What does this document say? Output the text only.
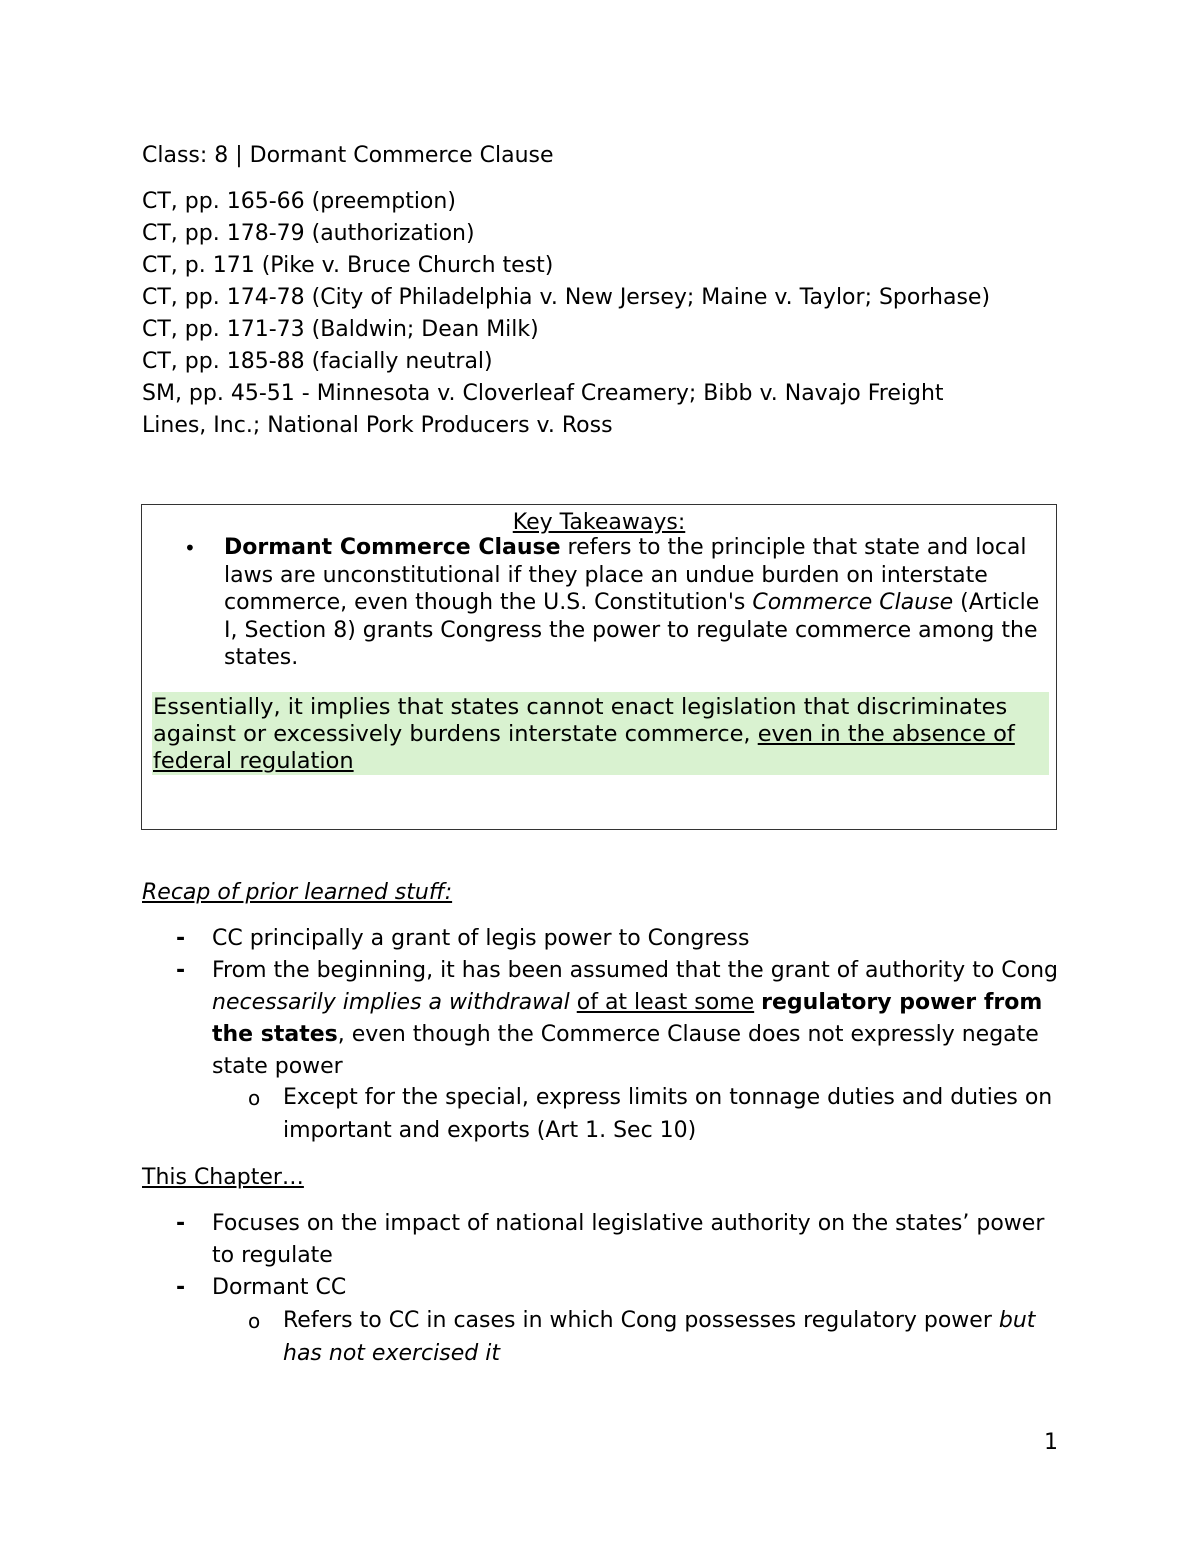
Class: 8 | Dormant Commerce Clause
CT, pp. 165-66 (preemption)
CT, pp. 178-79 (authorization)
CT, p. 171 (Pike v. Bruce Church test)
CT, pp. 174-78 (City of Philadelphia v. New Jersey; Maine v. Taylor; Sporhase)
CT, pp. 171-73 (Baldwin; Dean Milk)
CT, pp. 185-88 (facially neutral)
SM, pp. 45-51 - Minnesota v. Cloverleaf Creamery; Bibb v. Navajo Freight
Lines, Inc.; National Pork Producers v. Ross
Key Takeaways:
• Dormant Commerce Clause refers to the principle that state and local laws are unconstitutional if they place an undue burden on interstate commerce, even though the U.S. Constitution's Commerce Clause (Article I, Section 8) grants Congress the power to regulate commerce among the states.
Essentially, it implies that states cannot enact legislation that discriminates against or excessively burdens interstate commerce, even in the absence of federal regulation
Recap of prior learned stuff:
- CC principally a grant of legis power to Congress
- From the beginning, it has been assumed that the grant of authority to Cong necessarily implies a withdrawal of at least some regulatory power from the states, even though the Commerce Clause does not expressly negate state power
o Except for the special, express limits on tonnage duties and duties on important and exports (Art 1. Sec 10)
This Chapter…
- Focuses on the impact of national legislative authority on the states’ power to regulate
- Dormant CC
o Refers to CC in cases in which Cong possesses regulatory power but has not exercised it
1
